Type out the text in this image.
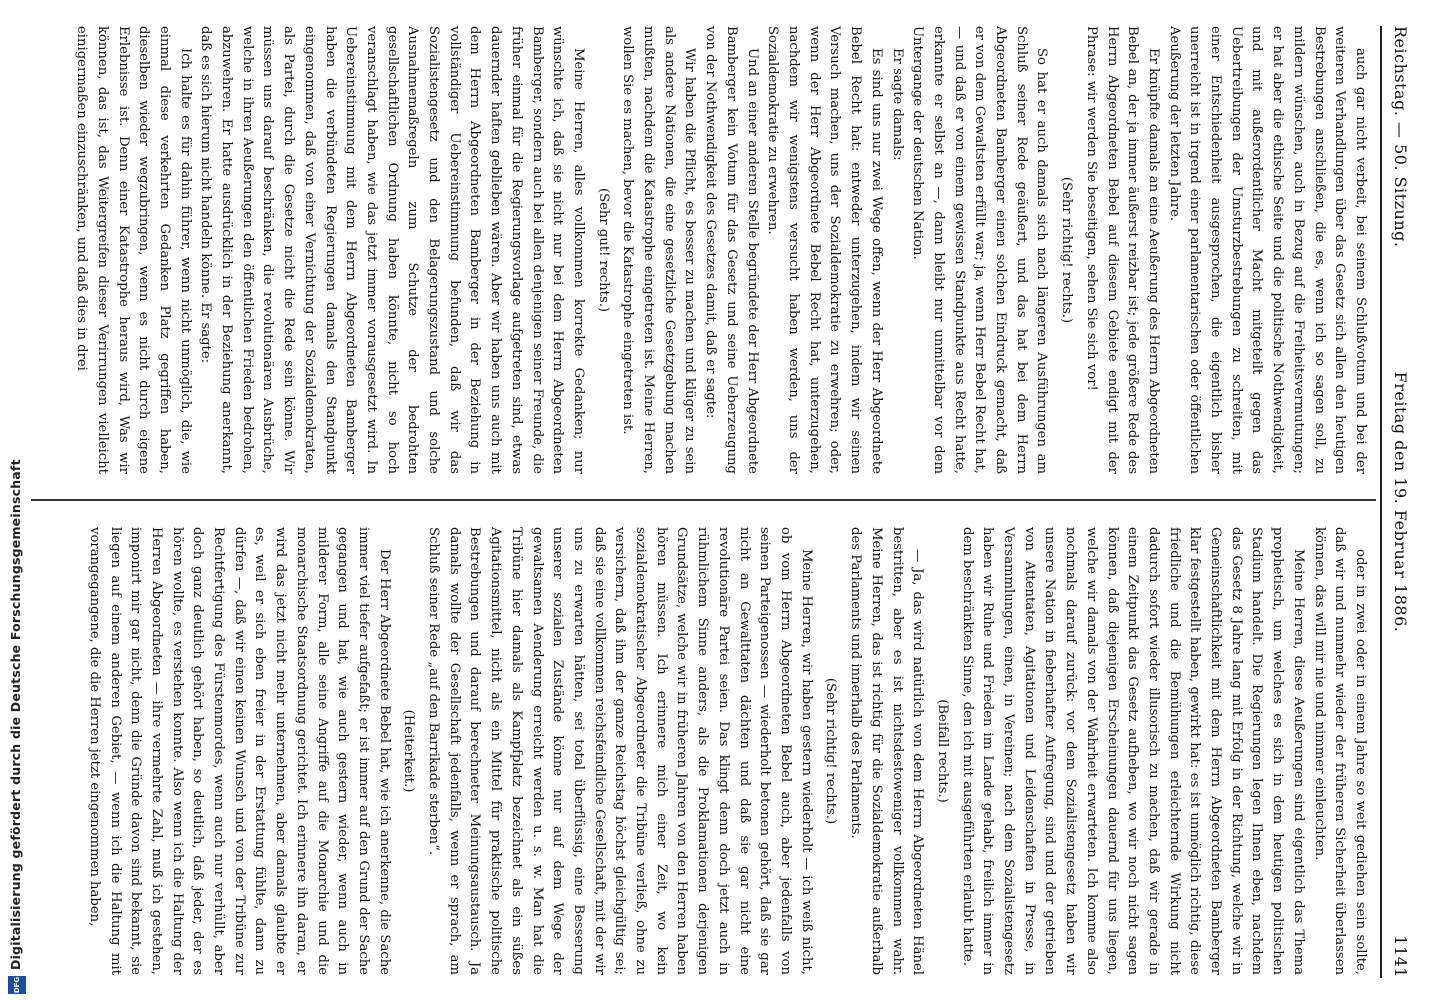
Reichstag. — 50. Sitzung.
Freitag den 19. Februar 1886.
1141

auch gar nicht verbeit, bei seinem Schlußvotum und bei der weiteren Verhandlungen über das Gesetz sich allen den heutigen Bestrebungen anschließen, die es, wenn ich so sagen soll, zu mildern wünschen, auch in Bezug auf die Freiheitsvermutungen; er hat aber die ethische Seite und die politische Nothwendigkeit, und mit außerordentlicher Macht mitgeteilt gegen das Uebertreibungen der Umsturzbestrebungen zu schreiten, mit einer Entschiedenheit ausgesprochen, die eigentlich bisher unerreicht ist in irgend einer parlamentarischen oder öffentlichen Aeußerung der letzten Jahre.

Er knüpfte damals an eine Aeußerung des Herrn Abgeordneten Bebel an, der ja immer äußerst reizbar ist; jede größere Rede des Herrn Abgeordneten Bebel auf diesem Gebiete endigt mit der Phrase: wir werden Sie beseitigen, sehen Sie sich vor!

(Sehr richtig! rechts.)

So hat er auch damals sich nach längeren Ausführungen am Schluß seiner Rede geäußert, und das hat bei dem Herrn Abgeordneten Bamberger einen solchen Eindruck gemacht, daß er von dem Gewaltsten erfüllt war; ja, wenn Herr Bebel Recht hat, — und daß er von einem gewissen Standpunkte aus Recht hatte, erkannte er selbst an —, dann bleibt nur unmittelbar vor dem Untergange der deutschen Nation.

Er sagte damals:

Es sind uns nur zwei Wege offen, wenn der Herr Abgeordnete Bebel Recht hat: entweder unterzugehen, indem wir seinen Versuch machen, uns der Sozialdemokratie zu erwehren; oder, wenn der Herr Abgeordnete Bebel Recht hat, unterzugehen, nachdem wir wenigstens versucht haben werden, uns der Sozialdemokratie zu erwehren.

Und an einer anderen Stelle begründete der Herr Abgeordnete Bamberger kein Votum für das Gesetz und seine Ueberzeugung von der Nothwendigkeit des Gesetzes damit, daß er sagte:

Wir haben die Pflicht, es besser zu machen und klüger zu sein als andere Nationen, die eine gesetzliche Gesetzgebung machen mußten, nachdem die Katastrophe eingetreten ist. Meine Herren, wollen Sie es machen, bevor die Katastrophe eingetreten ist.

(Sehr gut! rechts.)

Meine Herren, alles vollkommen korrekte Gedanken; nur wünschte ich, daß sie nicht nur bei dem Herrn Abgeordneten Bamberger, sondern auch bei allen denjenigen seiner Freunde, die früher einmal für die Regierungsvorlage aufgetreten sind, etwas dauernder haften geblieben wären. Aber wir haben uns auch mit dem Herrn Abgeordneten Bamberger in der Beziehung in vollständiger Uebereinstimmung befunden, daß wir das Sozialistengesetz und den Belagerungszustand und solche Ausnahmemaßregeln zum Schutze der bedrohten gesellschaftlichen Ordnung haben könnte, nicht so hoch veranschlagt haben, wie das jetzt immer vorausgesetzt wird. In Uebereinstimmung mit dem Herrn Abgeordneten Bamberger haben die verbündeten Regierungen damals den Standpunkt eingenommen, daß von einer Vernichtung der Sozialdemokraten, als Partei, durch die Gesetze nicht die Rede sein könne. Wir müssen uns darauf beschränken, die revolutionären Ausbrüche, welche in ihren Aeußerungen den öffentlichen Frieden bedrohen, abzuwehren. Er hatte ausdrücklich in der Beziehung anerkannt, daß es sich hierum nicht handeln könne. Er sagte:

Ich halte es für dahin führer, wenn nicht unmöglich, die, wie einmal diese verkehrten Gedanken Platz gegriffen haben, dieselben wieder wegzubringen, wenn es nicht durch eigene Erlebnisse ist. Denn einer Katastrophe heraus wird, Was wir können, das ist, das Weitergreifen dieser Verirrungen vielleicht einigermaßen einzuschränken, und daß dies in drei

oder in zwei oder in einem Jahre so weit gediehen sein sollte, daß wir und nunmehr wieder der früheren Sicherheit überlassen können, das will mir nie und nimmer einleuchten.

Meine Herren, diese Aeußerungen sind eigentlich das Thema prophetisch, um welches es sich in dem heutigen politischen Stadium handelt. Die Regierungen legen Ihnen eben, nachdem das Gesetz 8 Jahre lang mit Erfolg in der Richtung, welche wir in Gemeinschaftlichkeit mit dem Herrn Abgeordneten Bamberger klar festgestellt haben, gewirkt hat: es ist unmöglich richtig, diese friedliche und die Bemühungen erleichternde Wirkung nicht dadurch sofort wieder illusorisch zu machen, daß wir gerade in einem Zeitpunkt das Gesetz aufheben, wo wir noch nicht sagen können, daß diejenigen Erscheinungen dauernd für uns liegen, welche wir damals von der Wahrheit erwarteten. Ich komme also nochmals darauf zurück: vor dem Sozialistengesetz haben wir unsere Nation in fieberhafter Aufregung, sind und der getrieben von Attentaten, Agitationen und Leidenschaften in Presse, in Versammlungen, einen, in Vereinen; nach dem Sozialistengesetz haben wir Ruhe und Frieden im Lande gehabt, freilich immer in dem beschränkten Sinne, den ich mit ausgeführten erlaubt hatte.

(Beifall rechts.)

— Ja, das wird natürlich von dem Herrn Abgeordneten Hänel bestritten, aber es ist nichtsdestoweniger vollkommen wahr. Meine Herren, das ist richtig für die Sozialdemokratie außerhalb des Parlaments und innerhalb des Parlaments.

(Sehr richtig! rechts.)

Meine Herren, wir haben gestern wiederholt — ich weiß nicht, ob vom Herrn Abgeordneten Bebel auch, aber jedenfalls von seinen Parteigenossen — wiederholt betonen gehört, daß sie gar nicht an Gewalttaten dächten und daß sie gar nicht eine revolutionäre Partei seien. Das klingt denn doch jetzt auch in rühmlichem Sinne anders, als die Proklamationen derjenigen Grundsätze, welche wir in früheren Jahren von den Herren haben hören müssen. Ich erinnere mich einer Zeit, wo kein sozialdemokratischer Abgeordneter die Tribüne verließ, ohne zu versichern, daß ihm der ganze Reichstag höchst gleichgültig sei; daß sie eine vollkommen reichsfeindliche Gesellschaft, mit der wir uns zu erwarten hätten, sei total überflüssig, eine Besserung unserer sozialen Zustände könne nur auf dem Wege der gewaltsamen Aenderung erreicht werden u. s. w. Man hat die Tribüne hier damals als Kampfplatz bezeichnet als ein süßes Agitationsmittel, nicht als ein Mittel für praktische politische Bestrebungen und darauf berechneter Meinungsaustausch. Ja damals wollte der Gesellschaft jedenfalls, wenn er sprach, am Schluß seiner Rede „auf den Barrikade sterben“.

(Heiterkeit.)

Der Herr Abgeordnete Bebel hat, wie ich anerkenne, die Sache immer viel tiefer aufgefaßt; er ist immer auf den Grund der Sache gegangen und hat, wie auch gestern wieder, wenn auch in milderer Form, alle seine Angriffe auf die Monarchie und die monarchische Staatsordnung gerichtet. Ich erinnere ihn daran, er wird das jetzt nicht mehr unternehmen, aber damals glaubte er es, weil er sich eben freier in der Erstattung fühlte, dann zu dürfen —, daß wir einen keinen Wunsch und von der Tribüne zur Rechtfertigung des Fürstenmordes, wenn auch nur verhüllt, aber doch ganz deutlich gehört haben, so deutlich, daß jeder, der es hören wollte, es verstehen konnte. Also wenn ich die Haltung der Herren Abgeordneten — ihre vermehrte Zahl, muß ich gestehen, imponirt mir gar nicht, denn die Gründe davon sind bekannt, sie liegen auf einem anderen Gebiet, — wenn ich die Haltung mit vorangegangene, die die Herren jetzt eingenommen haben,

DFG
Digitalisierung gefördert durch die Deutsche Forschungsgemeinschaft
